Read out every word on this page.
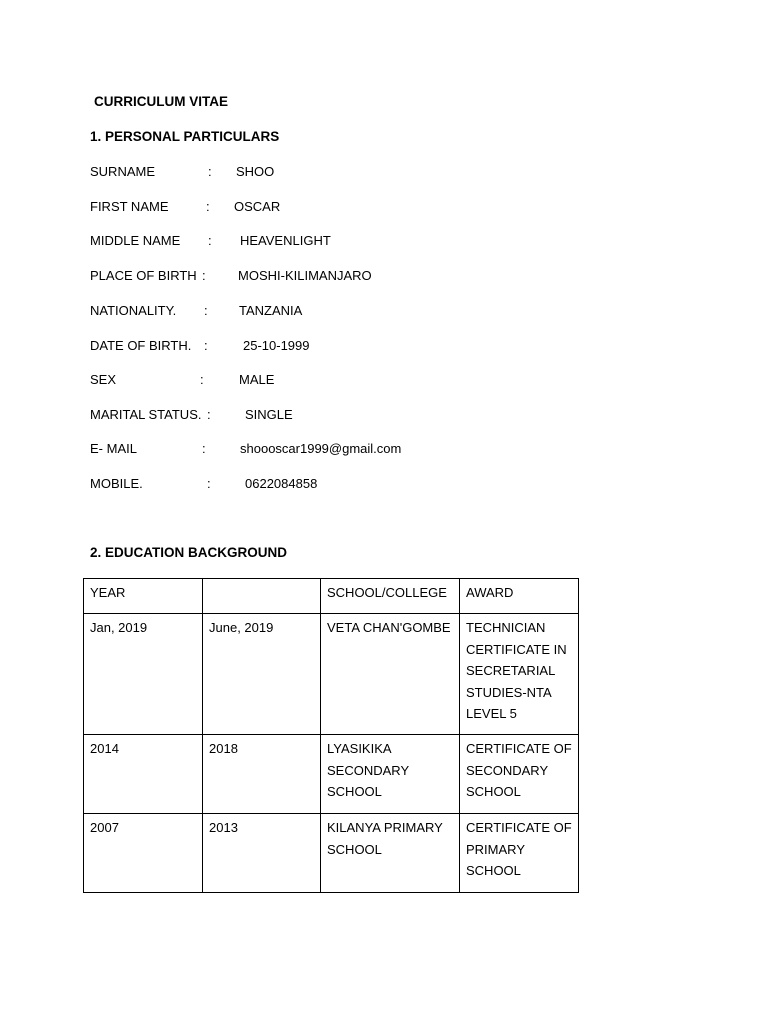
CURRICULUM VITAE
1. PERSONAL PARTICULARS
SURNAME	: SHOO
FIRST NAME	: OSCAR
MIDDLE NAME : HEAVENLIGHT
PLACE OF BIRTH : MOSHI-KILIMANJARO
NATIONALITY. : TANZANIA
DATE OF BIRTH. :	25-10-1999
SEX	:	MALE
MARITAL STATUS. :	SINGLE
E- MAIL	:	shoooscar1999@gmail.com
MOBILE.	:	0622084858
2. EDUCATION BACKGROUND
YEAR		SCHOOL/COLLEGE	AWARD
Jan, 2019	June, 2019	VETA CHAN'GOMBE	TECHNICIAN CERTIFICATE IN SECRETARIAL STUDIES-NTA LEVEL 5
2014	2018	LYASIKIKA SECONDARY SCHOOL	CERTIFICATE OF SECONDARY SCHOOL
2007	2013	KILANYA PRIMARY SCHOOL	CERTIFICATE OF PRIMARY SCHOOL
